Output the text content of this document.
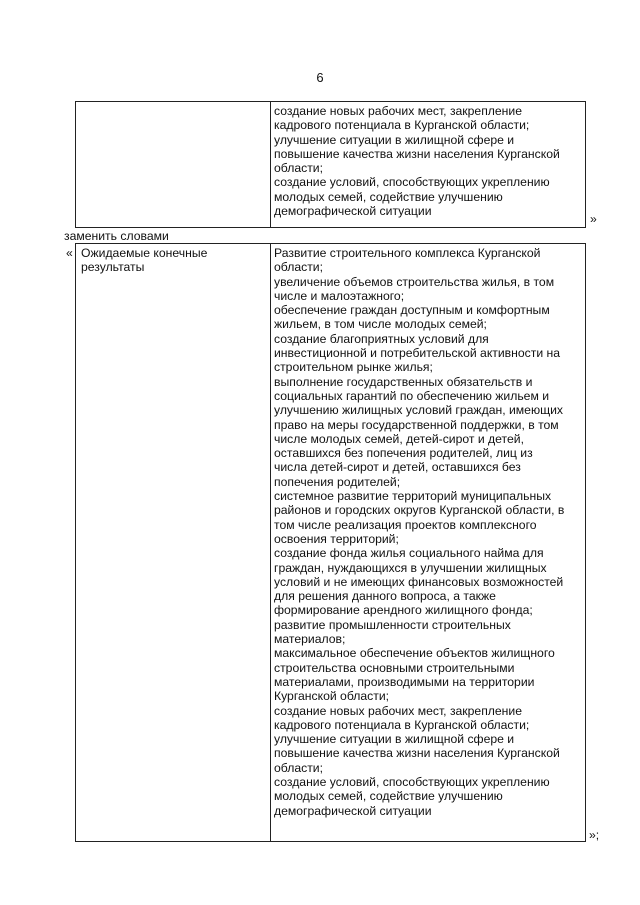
6
создание новых рабочих мест, закрепление
кадрового потенциала в Курганской области;
улучшение ситуации в жилищной сфере и
повышение качества жизни населения Курганской
области;
создание условий, способствующих укреплению
молодых семей, содействие улучшению
демографической ситуации
»
заменить словами
« Ожидаемые конечные
результаты
Развитие строительного комплекса Курганской
области;
увеличение объемов строительства жилья, в том
числе и малоэтажного;
обеспечение граждан доступным и комфортным
жильем, в том числе молодых семей;
создание благоприятных условий для
инвестиционной и потребительской активности на
строительном рынке жилья;
выполнение государственных обязательств и
социальных гарантий по обеспечению жильем и
улучшению жилищных условий граждан, имеющих
право на меры государственной поддержки, в том
числе молодых семей, детей-сирот и детей,
оставшихся без попечения родителей, лиц из
числа детей-сирот и детей, оставшихся без
попечения родителей;
системное развитие территорий муниципальных
районов и городских округов Курганской области, в
том числе реализация проектов комплексного
освоения территорий;
создание фонда жилья социального найма для
граждан, нуждающихся в улучшении жилищных
условий и не имеющих финансовых возможностей
для решения данного вопроса, а также
формирование арендного жилищного фонда;
развитие промышленности строительных
материалов;
максимальное обеспечение объектов жилищного
строительства основными строительными
материалами, производимыми на территории
Курганской области;
создание новых рабочих мест, закрепление
кадрового потенциала в Курганской области;
улучшение ситуации в жилищной сфере и
повышение качества жизни населения Курганской
области;
создание условий, способствующих укреплению
молодых семей, содействие улучшению
демографической ситуации
»;
